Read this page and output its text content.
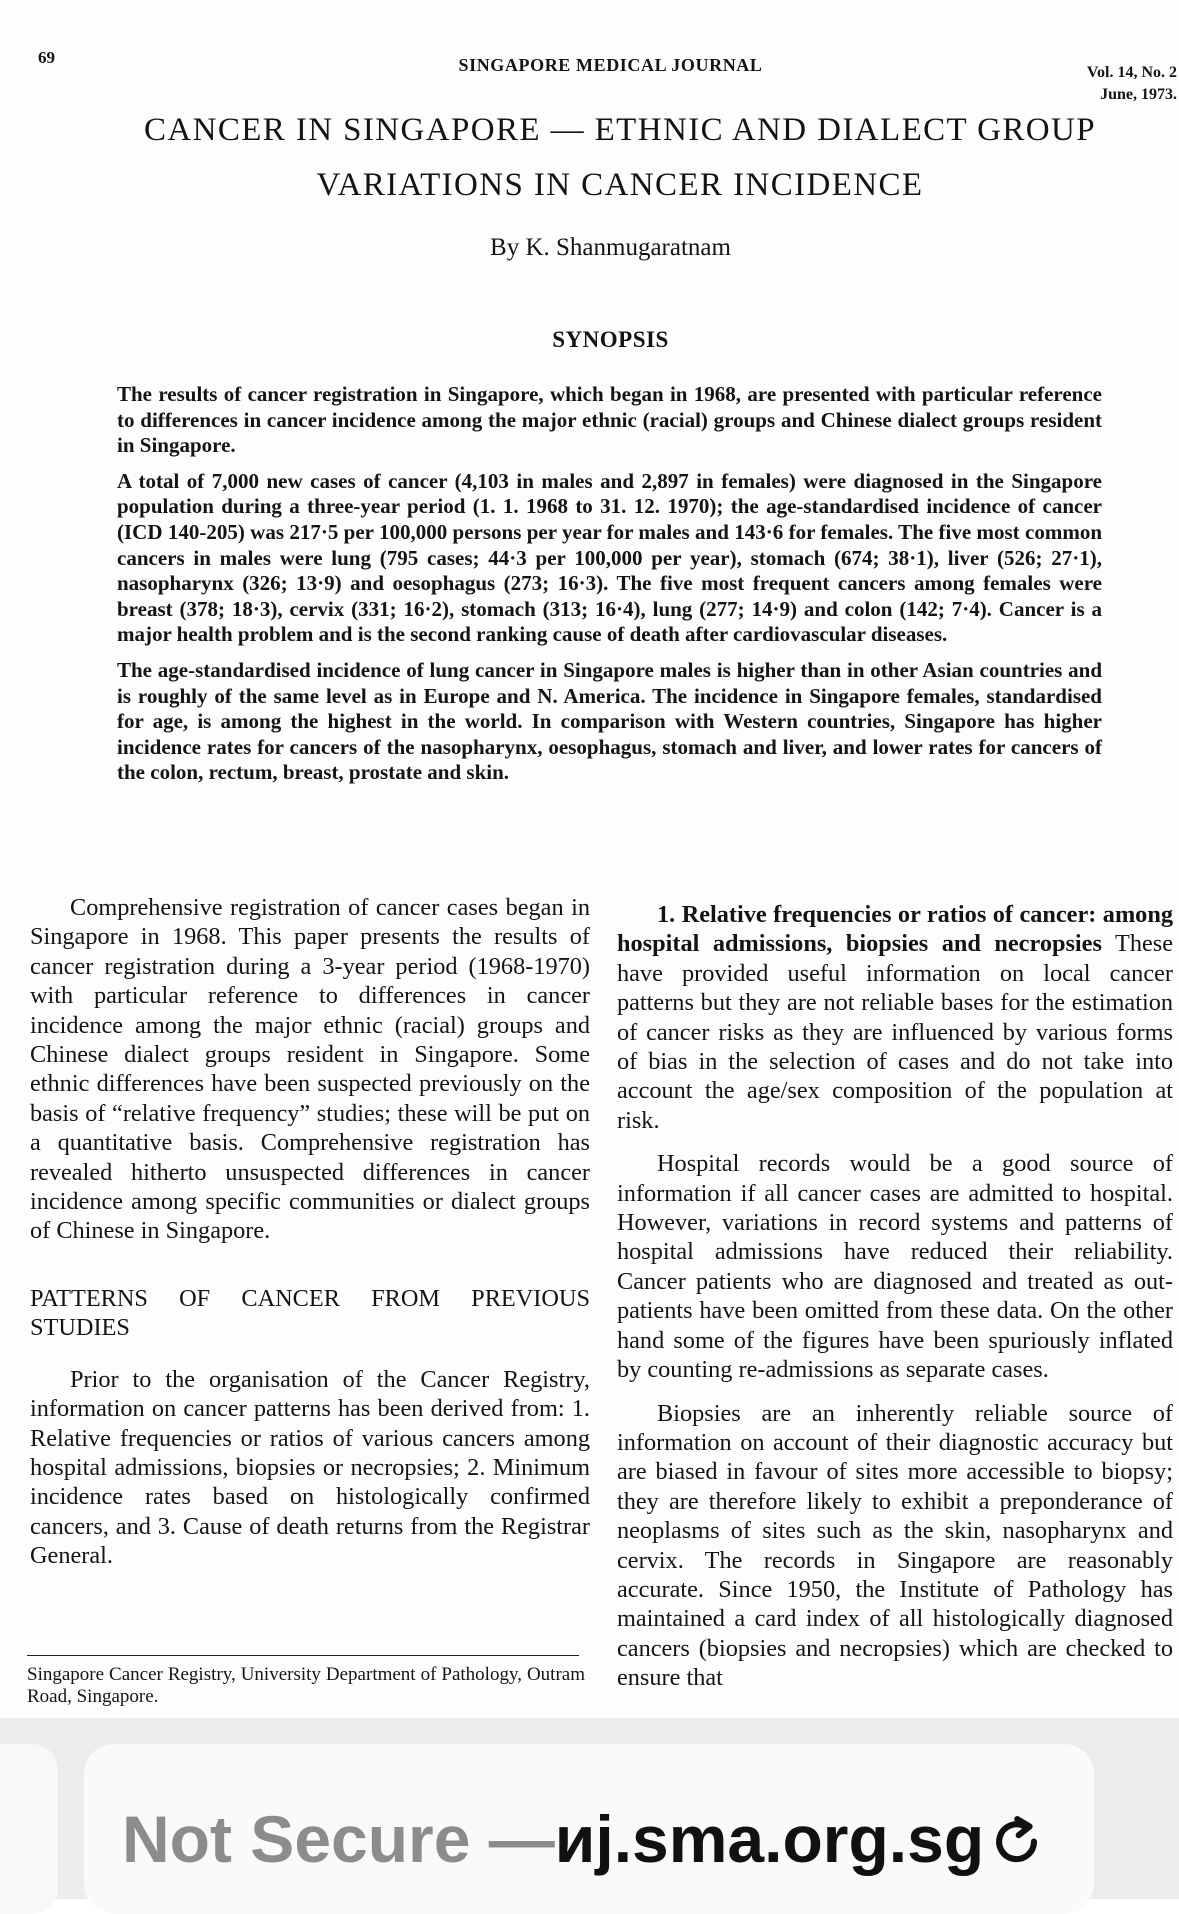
69	SINGAPORE MEDICAL JOURNAL	Vol. 14, No. 2
June, 1973.
CANCER IN SINGAPORE — ETHNIC AND DIALECT GROUP
VARIATIONS IN CANCER INCIDENCE
By K. Shanmugaratnam
SYNOPSIS

The results of cancer registration in Singapore, which began in 1968, are presented with particular reference to differences in cancer incidence among the major ethnic (racial) groups and Chinese dialect groups resident in Singapore.

A total of 7,000 new cases of cancer (4,103 in males and 2,897 in females) were diagnosed in the Singapore population during a three-year period (1. 1. 1968 to 31. 12. 1970); the age-standardised incidence of cancer (ICD 140-205) was 217·5 per 100,000 persons per year for males and 143·6 for females. The five most common cancers in males were lung (795 cases; 44·3 per 100,000 per year), stomach (674; 38·1), liver (526; 27·1), nasopharynx (326; 13·9) and oesophagus (273; 16·3). The five most frequent cancers among females were breast (378; 18·3), cervix (331; 16·2), stomach (313; 16·4), lung (277; 14·9) and colon (142; 7·4). Cancer is a major health problem and is the second ranking cause of death after cardiovascular diseases.

The age-standardised incidence of lung cancer in Singapore males is higher than in other Asian countries and is roughly of the same level as in Europe and N. America. The incidence in Singapore females, standardised for age, is among the highest in the world. In comparison with Western countries, Singapore has higher incidence rates for cancers of the nasopharynx, oesophagus, stomach and liver, and lower rates for cancers of the colon, rectum, breast, prostate and skin.

Comprehensive registration of cancer cases began in Singapore in 1968. This paper presents the results of cancer registration during a 3-year period (1968-1970) with particular reference to differences in cancer incidence among the major ethnic (racial) groups and Chinese dialect groups resident in Singapore. Some ethnic differences have been suspected previously on the basis of “relative frequency” studies; these will be put on a quantitative basis. Comprehensive registration has revealed hitherto unsuspected differences in cancer incidence among specific communities or dialect groups of Chinese in Singapore.

PATTERNS OF CANCER FROM PREVIOUS STUDIES

Prior to the organisation of the Cancer Registry, information on cancer patterns has been derived from: 1. Relative frequencies or ratios of various cancers among hospital admissions, biopsies or necropsies; 2. Minimum incidence rates based on histologically confirmed cancers, and 3. Cause of death returns from the Registrar General.

Singapore Cancer Registry, University Department of Pathology, Outram Road, Singapore.

1. Relative frequencies or ratios of cancer: among hospital admissions, biopsies and necropsies These have provided useful information on local cancer patterns but they are not reliable bases for the estimation of cancer risks as they are influenced by various forms of bias in the selection of cases and do not take into account the age/sex composition of the population at risk.

Hospital records would be a good source of information if all cancer cases are admitted to hospital. However, variations in record systems and patterns of hospital admissions have reduced their reliability. Cancer patients who are diagnosed and treated as out-patients have been omitted from these data. On the other hand some of the figures have been spuriously inflated by counting re-admissions as separate cases.

Biopsies are an inherently reliable source of information on account of their diagnostic accuracy but are biased in favour of sites more accessible to biopsy; they are therefore likely to exhibit a preponderance of neoplasms of sites such as the skin, nasopharynx and cervix. The records in Singapore are reasonably accurate. Since 1950, the Institute of Pathology has maintained a card index of all histologically diagnosed cancers (biopsies and necropsies) which are checked to ensure that

Not Secure —ᴎj.sma.org.sg
